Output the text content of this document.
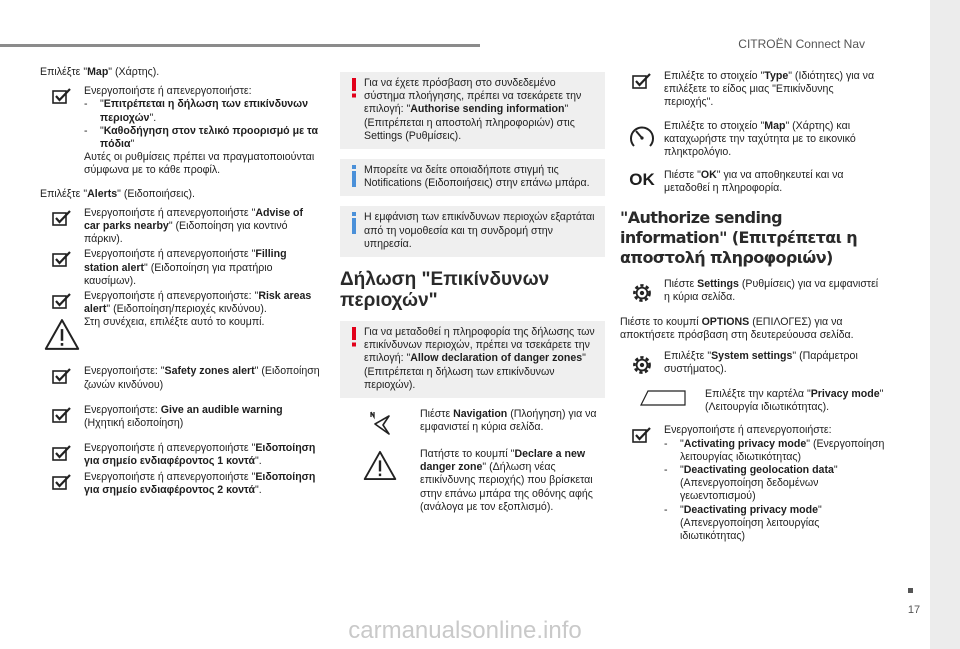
CITROËN Connect Nav
17
carmanualsonline.info
Επιλέξτε "Map" (Χάρτης).
Ενεργοποιήστε ή απενεργοποιήστε:
-	"Επιτρέπεται η δήλωση των επικίνδυνων περιοχών".
-	"Καθοδήγηση στον τελικό προορισμό με τα πόδια"
Αυτές οι ρυθμίσεις πρέπει να πραγματοποιούνται σύμφωνα με το κάθε προφίλ.
Επιλέξτε "Alerts" (Ειδοποιήσεις).
Ενεργοποιήστε ή απενεργοποιήστε "Advise of car parks nearby" (Ειδοποίηση για κοντινό πάρκιν).
Ενεργοποιήστε ή απενεργοποιήστε "Filling station alert" (Ειδοποίηση για πρατήριο καυσίμων).
Ενεργοποιήστε ή απενεργοποιήστε: "Risk areas alert" (Ειδοποίηση/περιοχές κινδύνου).
Στη συνέχεια, επιλέξτε αυτό το κουμπί.
Ενεργοποιήστε: "Safety zones alert" (Ειδοποίηση ζωνών κινδύνου)
Ενεργοποιήστε: Give an audible warning (Ηχητική ειδοποίηση)
Ενεργοποιήστε ή απενεργοποιήστε "Ειδοποίηση για σημείο ενδιαφέροντος 1 κοντά".
Ενεργοποιήστε ή απενεργοποιήστε "Ειδοποίηση για σημείο ενδιαφέροντος 2 κοντά".
Για να έχετε πρόσβαση στο συνδεδεμένο σύστημα πλοήγησης, πρέπει να τσεκάρετε την επιλογή: "Authorise sending information" (Επιτρέπεται η αποστολή πληροφοριών) στις Settings (Ρυθμίσεις).
Μπορείτε να δείτε οποιαδήποτε στιγμή τις Notifications (Ειδοποιήσεις) στην επάνω μπάρα.
Η εμφάνιση των επικίνδυνων περιοχών εξαρτάται από τη νομοθεσία και τη συνδρομή στην υπηρεσία.
Δήλωση "Επικίνδυνων περιοχών"
Για να μεταδοθεί η πληροφορία της δήλωσης των επικίνδυνων περιοχών, πρέπει να τσεκάρετε την επιλογή: "Allow declaration of danger zones" (Επιτρέπεται η δήλωση των επικίνδυνων περιοχών).
Πιέστε Navigation (Πλοήγηση) για να εμφανιστεί η κύρια σελίδα.
Πατήστε το κουμπί "Declare a new danger zone" (Δήλωση νέας επικίνδυνης περιοχής) που βρίσκεται στην επάνω μπάρα της οθόνης αφής (ανάλογα με τον εξοπλισμό).
Επιλέξτε το στοιχείο "Type" (Ιδιότητες) για να επιλέξετε το είδος μιας "Επικίνδυνης περιοχής".
Επιλέξτε το στοιχείο "Map" (Χάρτης) και καταχωρήστε την ταχύτητα με το εικονικό πληκτρολόγιο.
OK Πιέστε "OK" για να αποθηκευτεί και να μεταδοθεί η πληροφορία.
"Authorize sending information" (Επιτρέπεται η αποστολή πληροφοριών)
Πιέστε Settings (Ρυθμίσεις) για να εμφανιστεί η κύρια σελίδα.
Πιέστε το κουμπί OPTIONS (ΕΠΙΛΟΓΕΣ) για να αποκτήσετε πρόσβαση στη δευτερεύουσα σελίδα.
Επιλέξτε "System settings" (Παράμετροι συστήματος).
Επιλέξτε την καρτέλα "Privacy mode" (Λειτουργία ιδιωτικότητας).
Ενεργοποιήστε ή απενεργοποιήστε:
-	"Activating privacy mode" (Ενεργοποίηση λειτουργίας ιδιωτικότητας)
-	"Deactivating geolocation data" (Απενεργοποίηση δεδομένων γεωεντοπισμού)
-	"Deactivating privacy mode" (Απενεργοποίηση λειτουργίας ιδιωτικότητας)
